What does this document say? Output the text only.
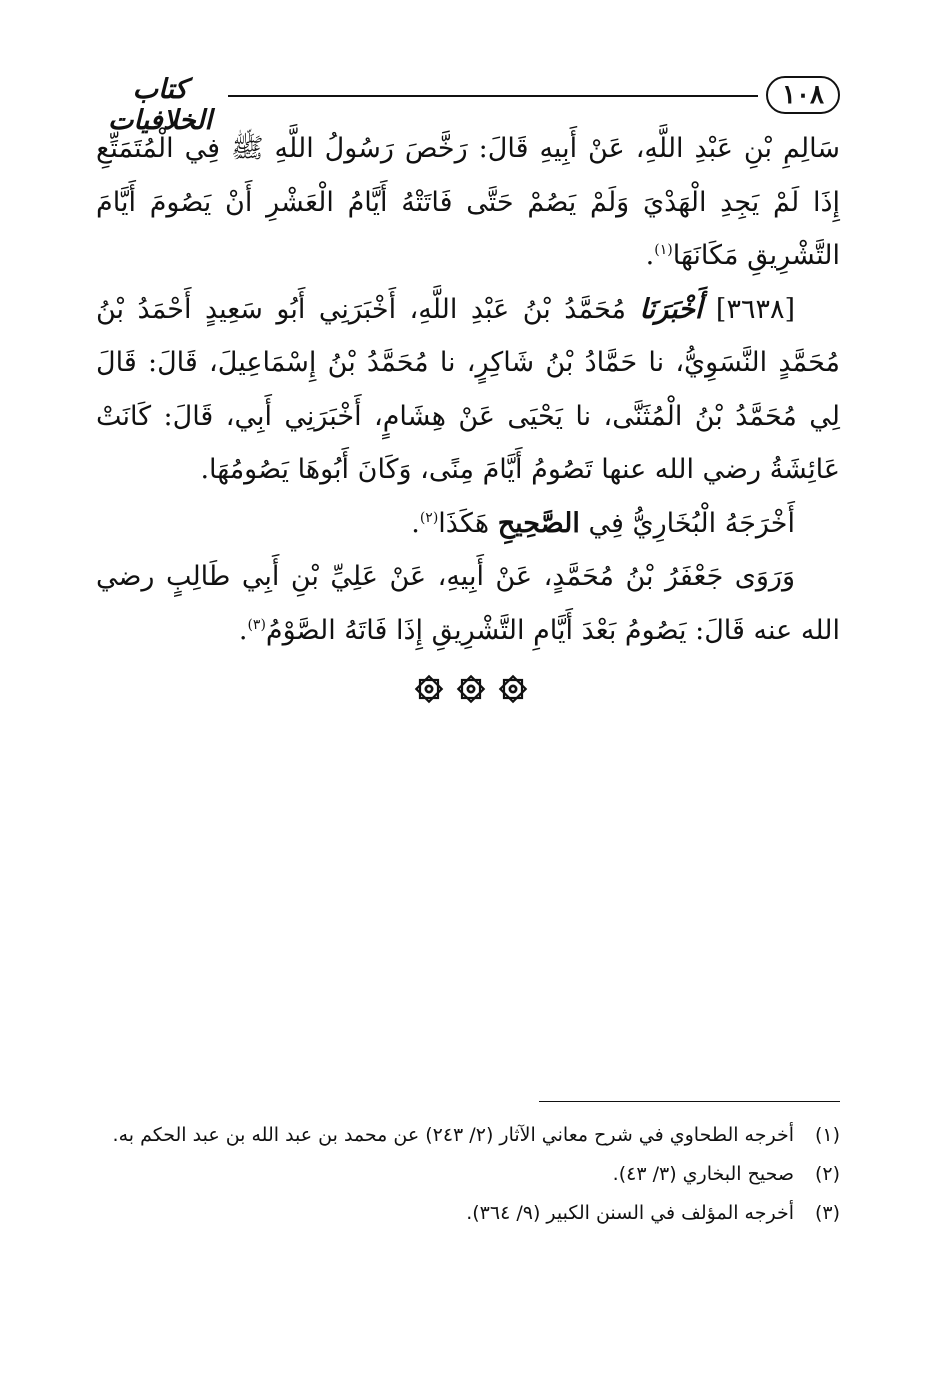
١٠٨
كتاب الخلافيات

سَالِمِ بْنِ عَبْدِ اللَّهِ، عَنْ أَبِيهِ قَالَ: رَخَّصَ رَسُولُ اللَّهِ ﷺ فِي الْمُتَمَتِّعِ إِذَا لَمْ يَجِدِ الْهَدْيَ وَلَمْ يَصُمْ حَتَّى فَاتَتْهُ أَيَّامُ الْعَشْرِ أَنْ يَصُومَ أَيَّامَ التَّشْرِيقِ مَكَانَهَا$^{(١)}$.

[٣٦٣٨] أَخْبَرَنَا مُحَمَّدُ بْنُ عَبْدِ اللَّهِ، أَخْبَرَنِي أَبُو سَعِيدٍ أَحْمَدُ بْنُ مُحَمَّدٍ النَّسَوِيُّ، نا حَمَّادُ بْنُ شَاكِرٍ، نا مُحَمَّدُ بْنُ إِسْمَاعِيلَ، قَالَ: قَالَ لِي مُحَمَّدُ بْنُ الْمُثَنَّى، نا يَحْيَى عَنْ هِشَامٍ، أَخْبَرَنِي أَبِي، قَالَ: كَانَتْ عَائِشَةُ رضي الله عنها تَصُومُ أَيَّامَ مِنًى، وَكَانَ أَبُوهَا يَصُومُهَا.

أَخْرَجَهُ الْبُخَارِيُّ فِي الصَّحِيحِ هَكَذَا$^{(٢)}$.

وَرَوَى جَعْفَرُ بْنُ مُحَمَّدٍ، عَنْ أَبِيهِ، عَنْ عَلِيِّ بْنِ أَبِي طَالِبٍ رضي الله عنه قَالَ: يَصُومُ بَعْدَ أَيَّامِ التَّشْرِيقِ إِذَا فَاتَهُ الصَّوْمُ$^{(٣)}$.

(١)
أخرجه الطحاوي في شرح معاني الآثار (٢/ ٢٤٣) عن محمد بن عبد الله بن عبد الحكم به.
(٢)
صحيح البخاري (٣/ ٤٣).
(٣)
أخرجه المؤلف في السنن الكبير (٩/ ٣٦٤).
